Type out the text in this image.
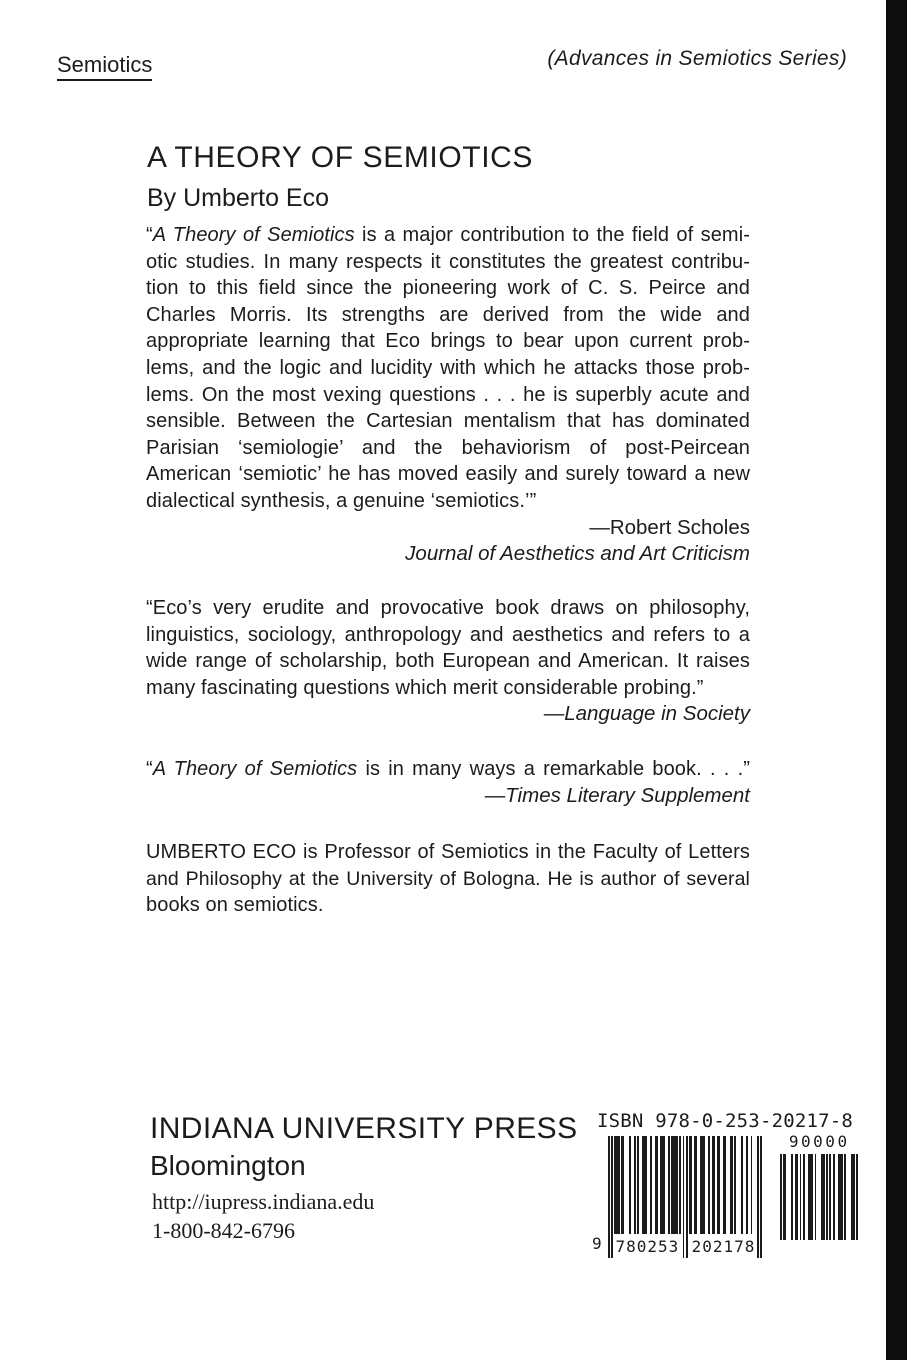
Semiotics	(Advances in Semiotics Series)
A THEORY OF SEMIOTICS
By Umberto Eco
“A Theory of Semiotics is a major contribution to the field of semi-
otic studies. In many respects it constitutes the greatest contribu-
tion to this field since the pioneering work of C. S. Peirce and
Charles Morris. Its strengths are derived from the wide and
appropriate learning that Eco brings to bear upon current prob-
lems, and the logic and lucidity with which he attacks those prob-
lems. On the most vexing questions . . . he is superbly acute and
sensible. Between the Cartesian mentalism that has dominated
Parisian ‘semiologie’ and the behaviorism of post-Peircean
American ‘semiotic’ he has moved easily and surely toward a new
dialectical synthesis, a genuine ‘semiotics.’”
—Robert Scholes
Journal of Aesthetics and Art Criticism
“Eco’s very erudite and provocative book draws on philosophy,
linguistics, sociology, anthropology and aesthetics and refers to a
wide range of scholarship, both European and American. It raises
many fascinating questions which merit considerable probing.”
—Language in Society
“A Theory of Semiotics is in many ways a remarkable book. . . .”
—Times Literary Supplement
UMBERTO ECO is Professor of Semiotics in the Faculty of Letters
and Philosophy at the University of Bologna. He is author of several
books on semiotics.
INDIANA UNIVERSITY PRESS
Bloomington
http://iupress.indiana.edu
1-800-842-6796
ISBN 978-0-253-20217-8
90000
780253 202178
9
